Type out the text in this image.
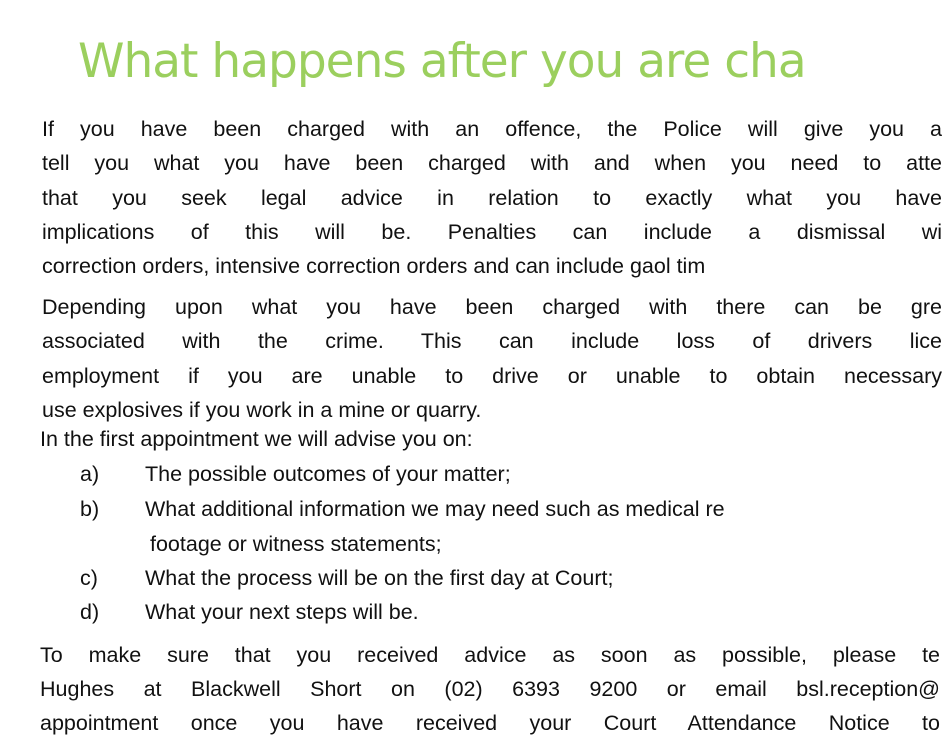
What happens after you are cha

If you have been charged with an offence, the Police will give you a

tell you what you have been charged with and when you need to atte

that you seek legal advice in relation to exactly what you have

implications of this will be. Penalties can include a dismissal wi

correction orders, intensive correction orders and can include gaol tim

Depending upon what you have been charged with there can be gre

associated with the crime. This can include loss of drivers lice

employment if you are unable to drive or unable to obtain necessary

use explosives if you work in a mine or quarry.

In the first appointment we will advise you on:

a) The possible outcomes of your matter;
b) What additional information we may need such as medical re
footage or witness statements;
c) What the process will be on the first day at Court;
d) What your next steps will be.

To make sure that you received advice as soon as possible, please te

Hughes at Blackwell Short on (02) 6393 9200 or email bsl.reception@

appointment once you have received your Court Attendance Notice to
